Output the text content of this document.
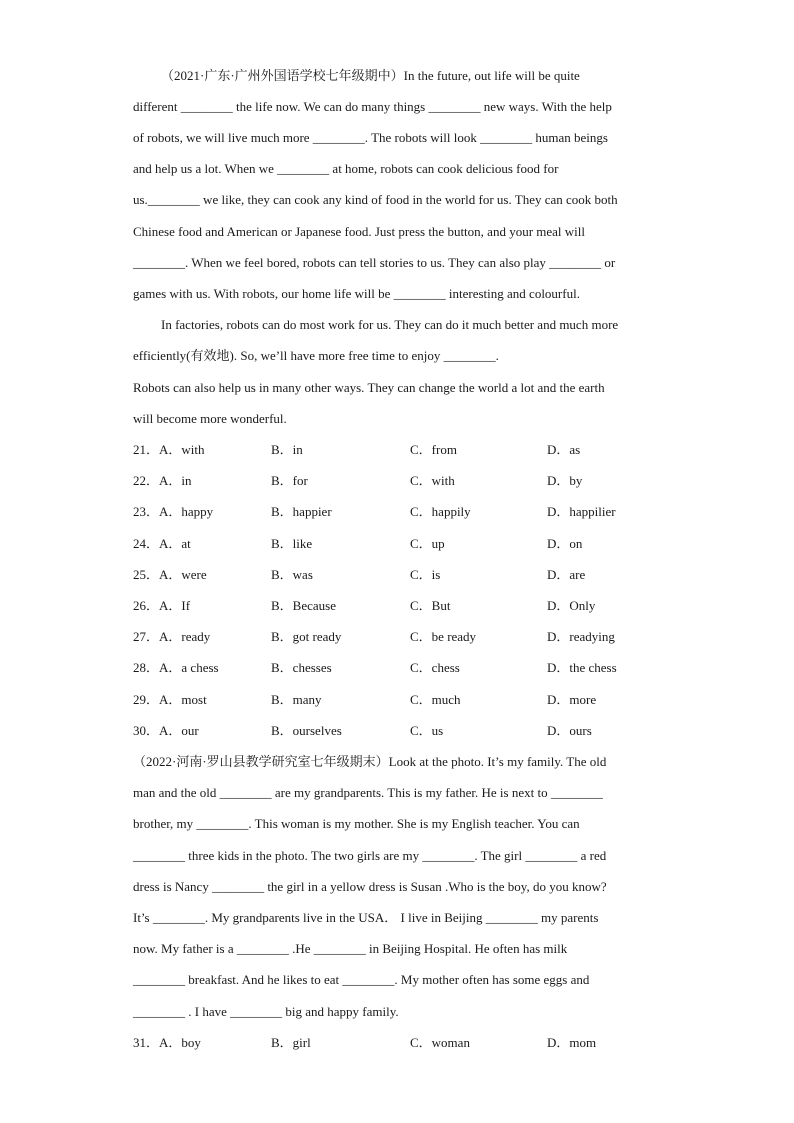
（2021·广东·广州外国语学校七年级期中）In the future, out life will be quite
different ________ the life now. We can do many things ________ new ways. With the help
of robots, we will live much more ________. The robots will look ________ human beings
and help us a lot. When we ________ at home, robots can cook delicious food for
us.________ we like, they can cook any kind of food in the world for us. They can cook both
Chinese food and American or Japanese food. Just press the button, and your meal will
________. When we feel bored, robots can tell stories to us. They can also play ________ or
games with us. With robots, our home life will be ________ interesting and colourful.
In factories, robots can do most work for us. They can do it much better and much more
efficiently(有效地). So, we’ll have more free time to enjoy ________.
Robots can also help us in many other ways. They can change the world a lot and the earth
will become more wonderful.
21．A．with	B．in	C．from	D．as
22．A．in	B．for	C．with	D．by
23．A．happy	B．happier	C．happily	D．happilier
24．A．at	B．like	C．up	D．on
25．A．were	B．was	C．is	D．are
26．A．If	B．Because	C．But	D．Only
27．A．ready	B．got ready	C．be ready	D．readying
28．A．a chess	B．chesses	C．chess	D．the chess
29．A．most	B．many	C．much	D．more
30．A．our	B．ourselves	C．us	D．ours
（2022·河南·罗山县教学研究室七年级期末）Look at the photo. It’s my family. The old
man and the old ________ are my grandparents. This is my father. He is next to ________
brother, my ________. This woman is my mother. She is my English teacher. You can
________ three kids in the photo. The two girls are my ________. The girl ________ a red
dress is Nancy ________ the girl in a yellow dress is Susan .Who is the boy, do you know?
It’s ________. My grandparents live in the USA． I live in Beijing ________ my parents
now. My father is a ________ .He ________ in Beijing Hospital. He often has milk
________ breakfast. And he likes to eat ________. My mother often has some eggs and
________ . I have ________ big and happy family.
31．A．boy	B．girl	C．woman	D．mom
